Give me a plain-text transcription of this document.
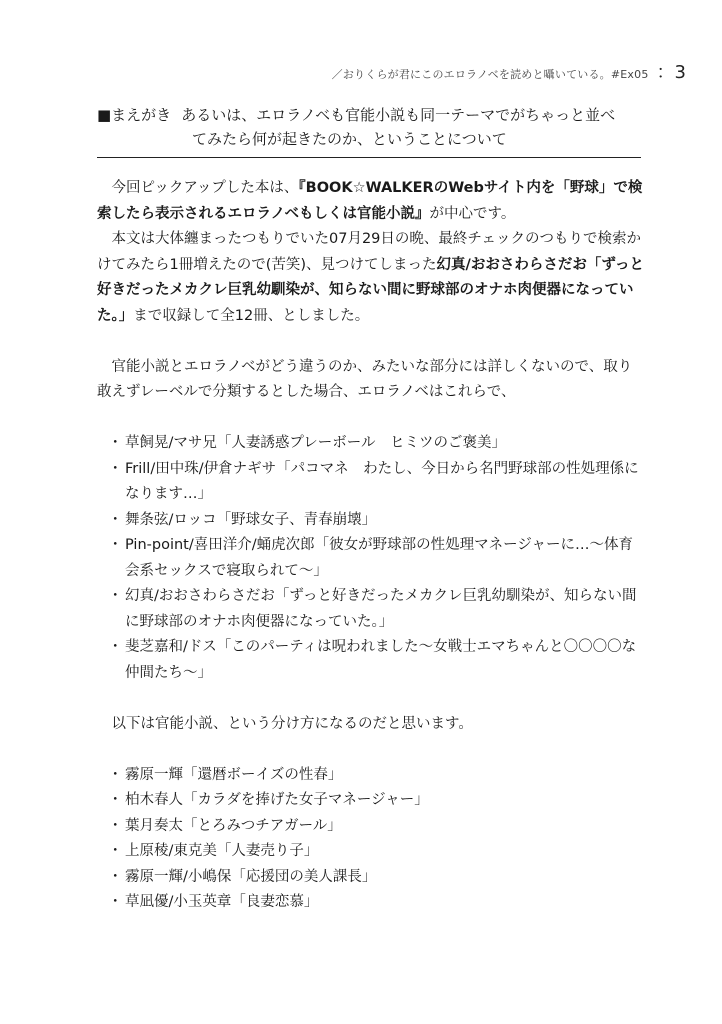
／おりくらが君にこのエロラノベを読めと囁いている。#Ex05 ：3
■まえがき あるいは、エロラノベも官能小説も同一テーマでがちゃっと並べ
てみたら何が起きたのか、ということについて

今回ピックアップした本は、『BOOK☆WALKERのWebサイト内を「野球」で検索したら表示されるエロラノベもしくは官能小説』が中心です。

本文は大体纏まったつもりでいた07月29日の晩、最終チェックのつもりで検索かけてみたら1冊増えたので(苦笑)、見つけてしまった幻真/おおさわらさだお「ずっと好きだったメカクレ巨乳幼馴染が、知らない間に野球部のオナホ肉便器になっていた。」まで収録して全12冊、としました。

官能小説とエロラノベがどう違うのか、みたいな部分には詳しくないので、取り敢えずレーベルで分類するとした場合、エロラノベはこれらで、

・ 草飼晃/マサ兄「人妻誘惑プレーボール　ヒミツのご褒美」
・ Frill/田中珠/伊倉ナギサ「パコマネ　わたし、今日から名門野球部の性処理係になります…」
・ 舞条弦/ロッコ「野球女子、青春崩壊」
・ Pin-point/喜田洋介/蛹虎次郎「彼女が野球部の性処理マネージャーに…～体育会系セックスで寝取られて～」
・ 幻真/おおさわらさだお「ずっと好きだったメカクレ巨乳幼馴染が、知らない間に野球部のオナホ肉便器になっていた。」
・ 斐芝嘉和/ドス「このパーティは呪われました～女戦士エマちゃんと〇〇〇〇な仲間たち～」

以下は官能小説、という分け方になるのだと思います。

・ 霧原一輝「還暦ボーイズの性春」
・ 柏木春人「カラダを捧げた女子マネージャー」
・ 葉月奏太「とろみつチアガール」
・ 上原稜/東克美「人妻売り子」
・ 霧原一輝/小嶋保「応援団の美人課長」
・ 草凪優/小玉英章「良妻恋慕」
